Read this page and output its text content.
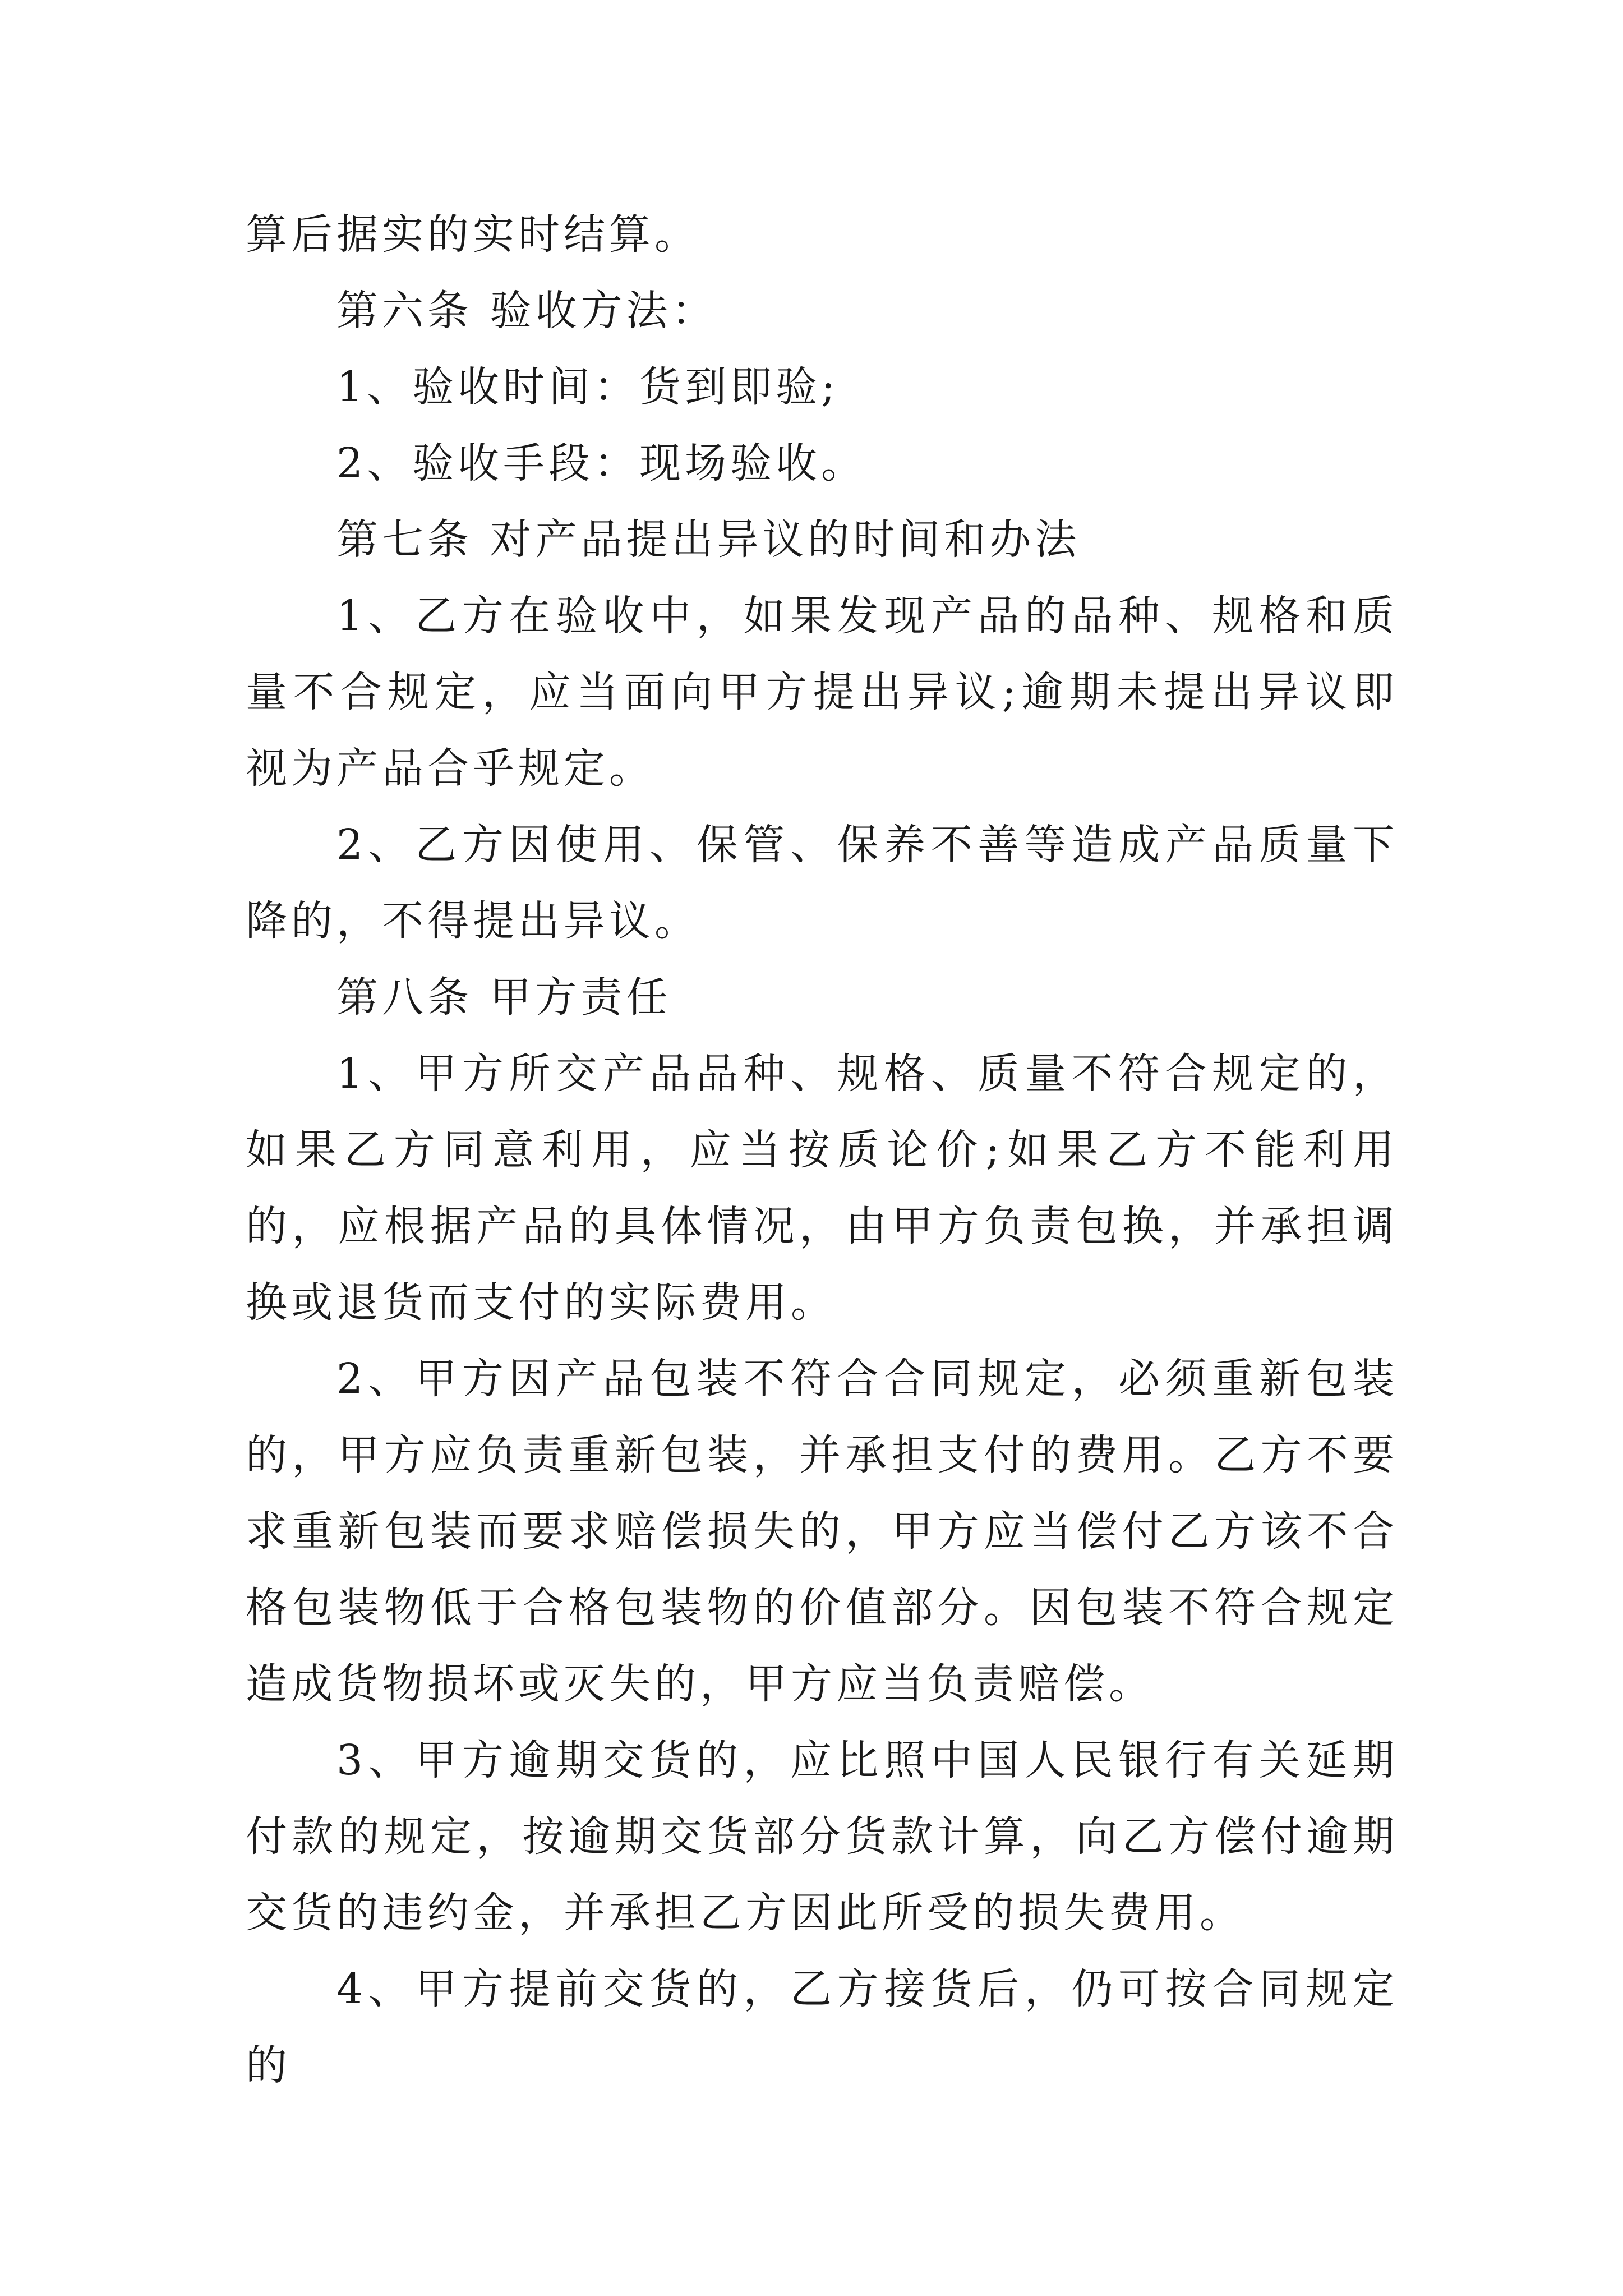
算后据实的实时结算。

第六条 验收方法：

1、验收时间：货到即验;

2、验收手段：现场验收。

第七条 对产品提出异议的时间和办法

1、乙方在验收中，如果发现产品的品种、规格和质量不合规定，应当面向甲方提出异议;逾期未提出异议即视为产品合乎规定。

2、乙方因使用、保管、保养不善等造成产品质量下降的，不得提出异议。

第八条 甲方责任

1、甲方所交产品品种、规格、质量不符合规定的，如果乙方同意利用，应当按质论价;如果乙方不能利用的，应根据产品的具体情况，由甲方负责包换，并承担调换或退货而支付的实际费用。

2、甲方因产品包装不符合合同规定，必须重新包装的，甲方应负责重新包装，并承担支付的费用。乙方不要求重新包装而要求赔偿损失的，甲方应当偿付乙方该不合格包装物低于合格包装物的价值部分。因包装不符合规定造成货物损坏或灭失的，甲方应当负责赔偿。

3、甲方逾期交货的，应比照中国人民银行有关延期付款的规定，按逾期交货部分货款计算，向乙方偿付逾期交货的违约金，并承担乙方因此所受的损失费用。

4、甲方提前交货的，乙方接货后，仍可按合同规定的
